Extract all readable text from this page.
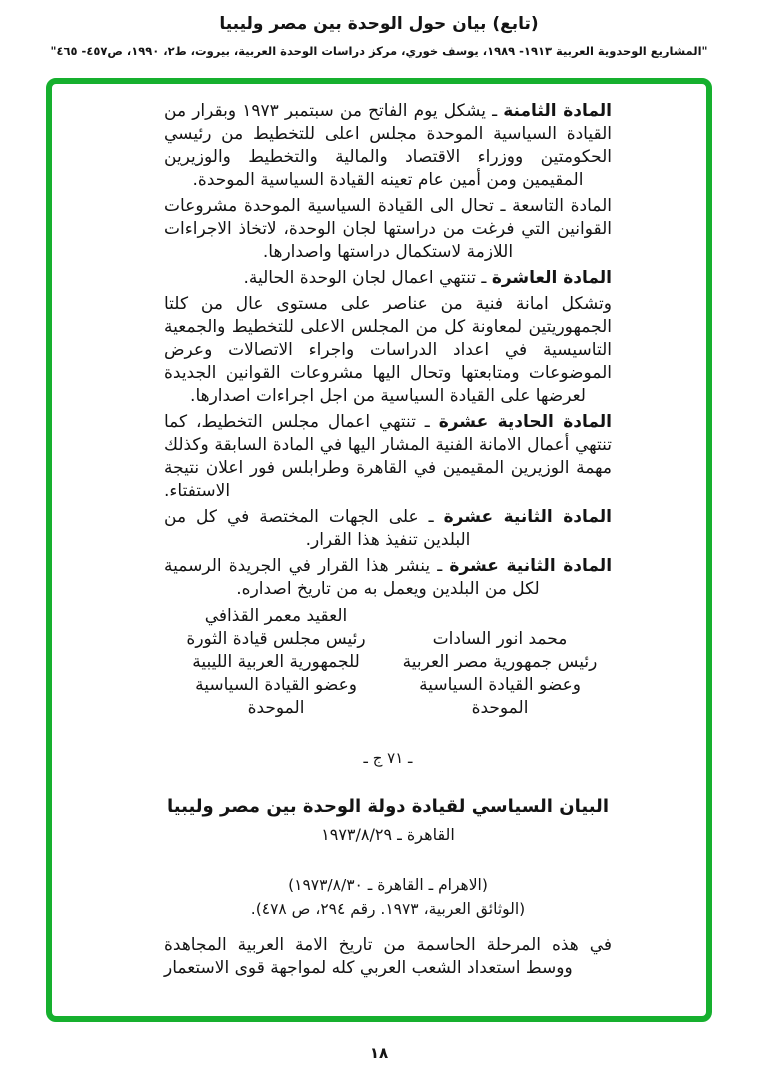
(تابع) بيان حول الوحدة بين مصر وليبيا
"المشاريع الوحدوية العربية ١٩١٣- ١٩٨٩، يوسف خوري، مركز دراسات الوحدة العربية، بيروت، ط٢، ١٩٩٠، ص٤٥٧- ٤٦٥"

المادة الثامنة ـ يشكل يوم الفاتح من سبتمبر ١٩٧٣ وبقرار من القيادة السياسية الموحدة مجلس اعلى للتخطيط من رئيسي الحكومتين ووزراء الاقتصاد والمالية والتخطيط والوزيرين المقيمين ومن أمين عام تعينه القيادة السياسية الموحدة.

المادة التاسعة ـ تحال الى القيادة السياسية الموحدة مشروعات القوانين التي فرغت من دراستها لجان الوحدة، لاتخاذ الاجراءات اللازمة لاستكمال دراستها واصدارها.

المادة العاشرة ـ تنتهي اعمال لجان الوحدة الحالية.

وتشكل امانة فنية من عناصر على مستوى عال من كلتا الجمهوريتين لمعاونة كل من المجلس الاعلى للتخطيط والجمعية التاسيسية في اعداد الدراسات واجراء الاتصالات وعرض الموضوعات ومتابعتها وتحال اليها مشروعات القوانين الجديدة لعرضها على القيادة السياسية من اجل اجراءات اصدارها.

المادة الحادية عشرة ـ تنتهي اعمال مجلس التخطيط، كما تنتهي أعمال الامانة الفنية المشار اليها في المادة السابقة وكذلك مهمة الوزيرين المقيمين في القاهرة وطرابلس فور اعلان نتيجة الاستفتاء.

المادة الثانية عشرة ـ على الجهات المختصة في كل من البلدين تنفيذ هذا القرار.

المادة الثانية عشرة ـ ينشر هذا القرار في الجريدة الرسمية لكل من البلدين ويعمل به من تاريخ اصداره.

محمد انور السادات
رئيس جمهورية مصر العربية
وعضو القيادة السياسية
الموحدة
العقيد معمر القذافي
رئيس مجلس قيادة الثورة
للجمهورية العربية الليبية
وعضو القيادة السياسية
الموحدة
ـ ٧١ ج ـ
البيان السياسي لقيادة دولة الوحدة بين مصر وليبيا
القاهرة ـ ١٩٧٣/٨/٢٩

(الاهرام ـ القاهرة ـ ١٩٧٣/٨/٣٠)

(الوثائق العربية، ١٩٧٣. رقم ٢٩٤، ص ٤٧٨).

في هذه المرحلة الحاسمة من تاريخ الامة العربية المجاهدة ووسط استعداد الشعب العربي كله لمواجهة قوى الاستعمار

١٨
